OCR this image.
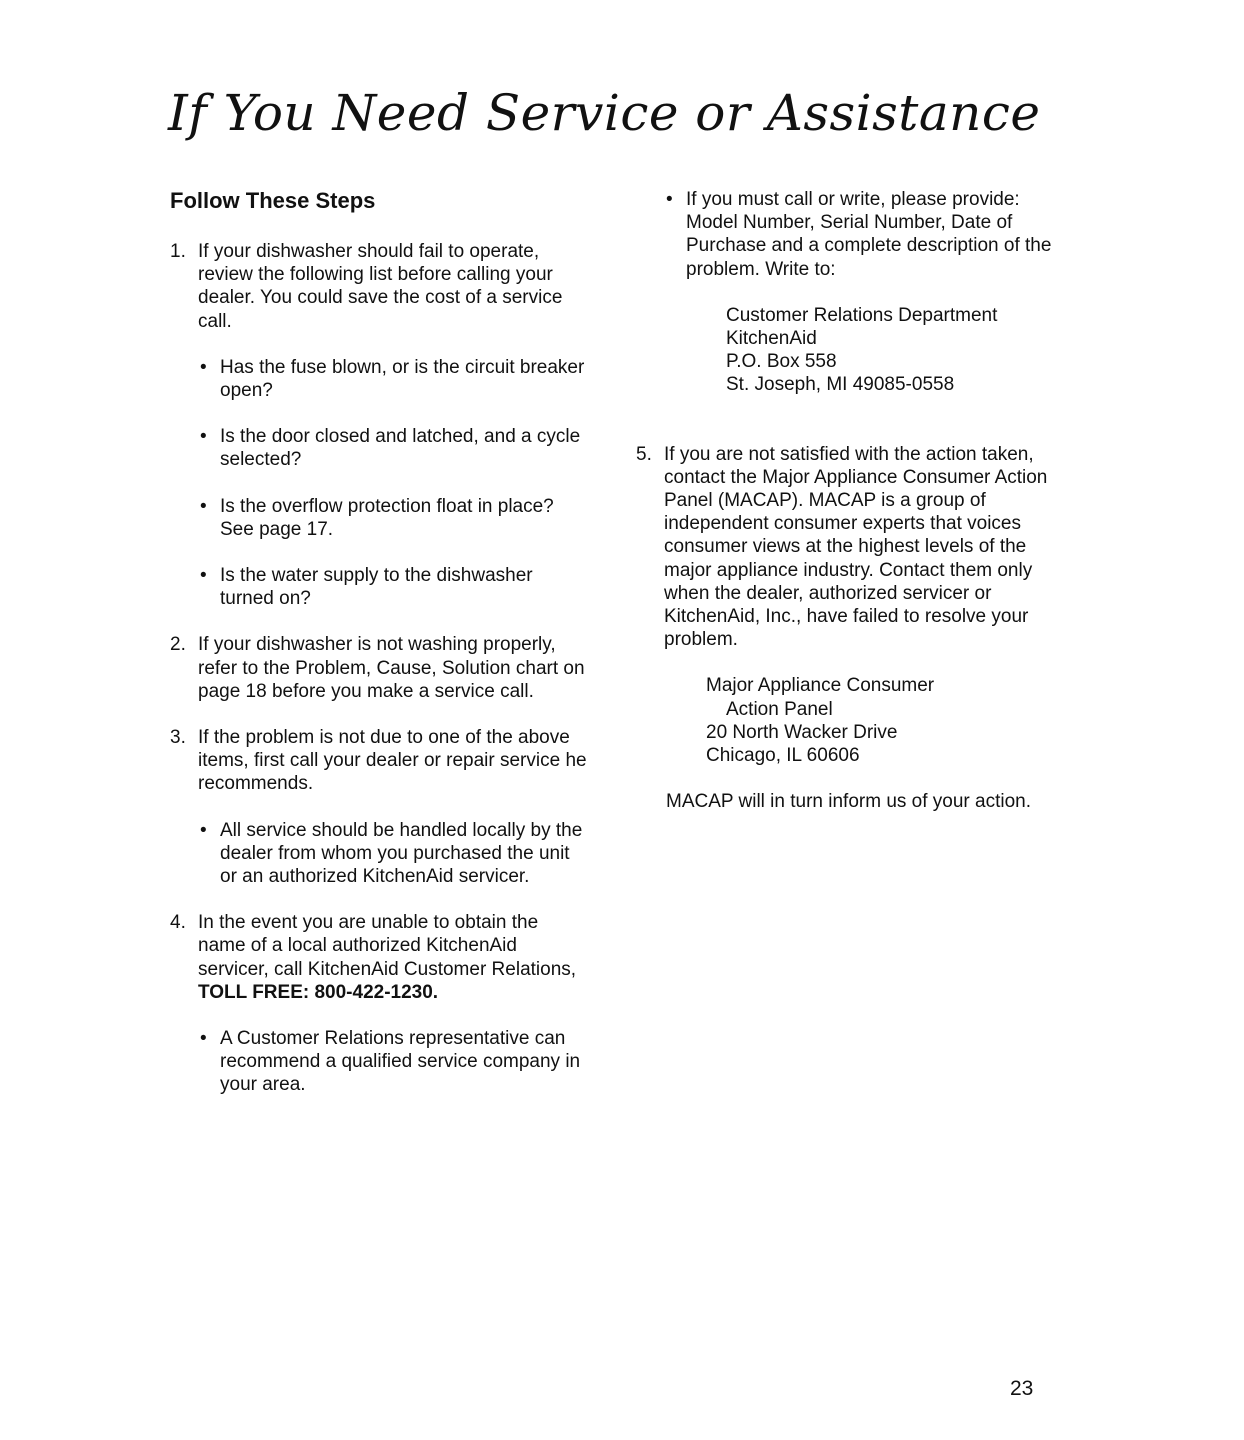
If You Need Service or Assistance
Follow These Steps
1. If your dishwasher should fail to operate, review the following list before calling your dealer. You could save the cost of a service call.
• Has the fuse blown, or is the circuit breaker open?
• Is the door closed and latched, and a cycle selected?
• Is the overflow protection float in place? See page 17.
• Is the water supply to the dishwasher turned on?
2. If your dishwasher is not washing properly, refer to the Problem, Cause, Solution chart on page 18 before you make a service call.
3. If the problem is not due to one of the above items, first call your dealer or repair service he recommends.
• All service should be handled locally by the dealer from whom you purchased the unit or an authorized KitchenAid servicer.
4. In the event you are unable to obtain the name of a local authorized KitchenAid servicer, call KitchenAid Customer Relations, TOLL FREE: 800-422-1230.
• A Customer Relations representative can recommend a qualified service company in your area.
• If you must call or write, please provide: Model Number, Serial Number, Date of Purchase and a complete description of the problem. Write to:
Customer Relations Department
KitchenAid
P.O. Box 558
St. Joseph, MI 49085-0558
5. If you are not satisfied with the action taken, contact the Major Appliance Consumer Action Panel (MACAP). MACAP is a group of independent consumer experts that voices consumer views at the highest levels of the major appliance industry. Contact them only when the dealer, authorized servicer or KitchenAid, Inc., have failed to resolve your problem.
Major Appliance Consumer
Action Panel
20 North Wacker Drive
Chicago, IL 60606
MACAP will in turn inform us of your action.
23
